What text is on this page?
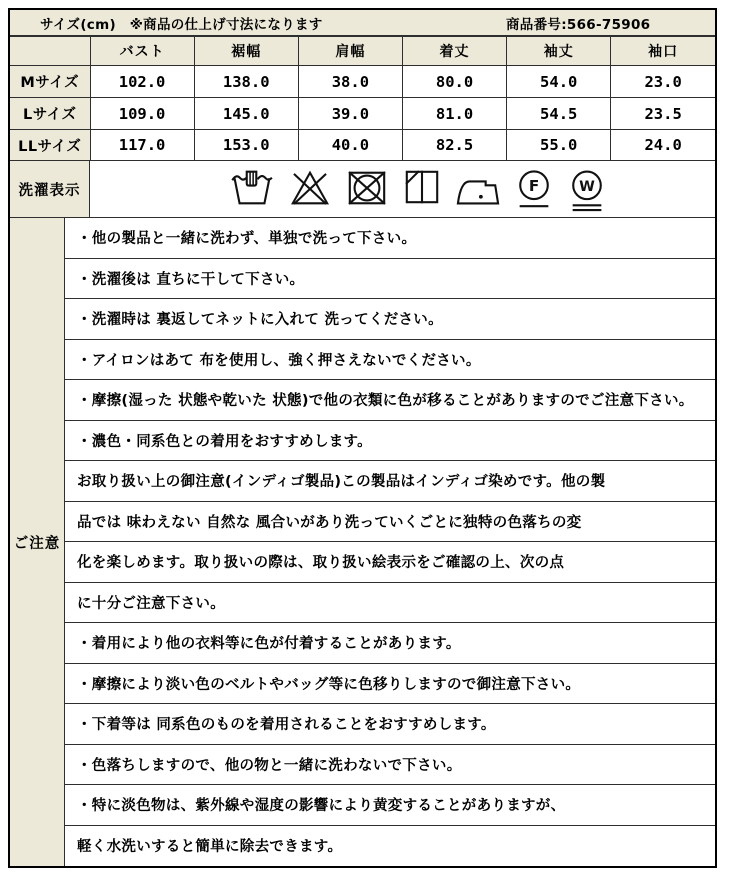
サイズ(cm)　※商品の仕上げ寸法になります	商品番号:566-75906
	バスト	裾幅	肩幅	着丈	袖丈	袖口
Mサイズ	102.0	138.0	38.0	80.0	54.0	23.0
Lサイズ	109.0	145.0	39.0	81.0	54.5	23.5
LLサイズ	117.0	153.0	40.0	82.5	55.0	24.0
洗濯表示	F	W
ご注意
・他の製品と一緒に洗わず、単独で洗って下さい。
・洗濯後は 直ちに干して下さい。
・洗濯時は 裏返してネットに入れて 洗ってください。
・アイロンはあて 布を使用し、強く押さえないでください。
・摩擦(湿った 状態や乾いた 状態)で他の衣類に色が移ることがありますのでご注意下さい。
・濃色・同系色との着用をおすすめします。
お取り扱い上の御注意(インディゴ製品)この製品はインディゴ染めです。他の製
品では 味わえない 自然な 風合いがあり洗っていくごとに独特の色落ちの変
化を楽しめます。取り扱いの際は、取り扱い絵表示をご確認の上、次の点
に十分ご注意下さい。
・着用により他の衣料等に色が付着することがあります。
・摩擦により淡い色のベルトやバッグ等に色移りしますので御注意下さい。
・下着等は 同系色のものを着用されることをおすすめします。
・色落ちしますので、他の物と一緒に洗わないで下さい。
・特に淡色物は、紫外線や湿度の影響により黄変することがありますが、
軽く水洗いすると簡単に除去できます。
